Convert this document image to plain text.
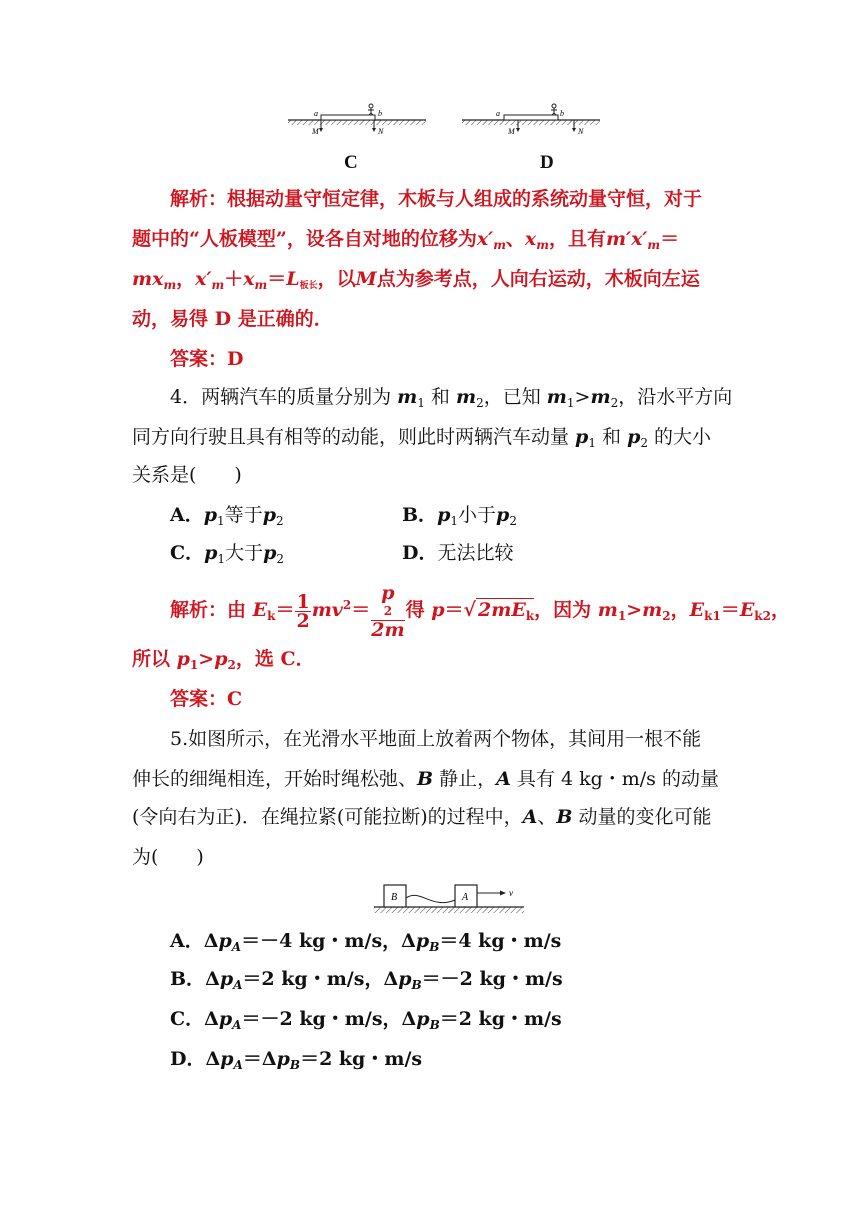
a	b
M	N
a	b
M	N
C	D
解析：根据动量守恒定律，木板与人组成的系统动量守恒，对于
题中的“人板模型”，设各自对地的位移为$x'_m$、$x_m$，且有$m'x'_m=$
$mx_m$，$x'_m+x_m=L$板长，以M点为参考点，人向右运动，木板向左运
动，易得 D 是正确的．
答案：D
4．两辆汽车的质量分别为 $m_1$ 和 $m_2$，已知 $m_1>m_2$，沿水平方向
同方向行驶且具有相等的动能，则此时两辆汽车动量 $p_1$ 和 $p_2$ 的大小
关系是(　　)
A．$p_1$等于$p_2$	B．$p_1$小于$p_2$
C．$p_1$大于$p_2$	D．无法比较
解析：由 $E_k= \frac{1}{2} mv^2= p$
2
2m 得 p＝√ $2mE_k$，因为 $m_1>m_2$，$E_{k1}=E_{k2}$，
所以 $p_1>p_2$，选 C．
答案：C
5.如图所示，在光滑水平地面上放着两个物体，其间用一根不能
伸长的细绳相连，开始时绳松弛、B 静止，A 具有 4 kg・m/s 的动量
(令向右为正)．在绳拉紧(可能拉断)的过程中，A、B 动量的变化可能
为(　　)
B	A	v
A．$\Delta p_A=-4$ kg・m/s，$\Delta p_B=4$ kg・m/s
B．$\Delta p_A=2$ kg・m/s，$\Delta p_B=-2$ kg・m/s
C．$\Delta p_A=-2$ kg・m/s，$\Delta p_B=2$ kg・m/s
D．$\Delta p_A=\Delta p_B=2$ kg・m/s
